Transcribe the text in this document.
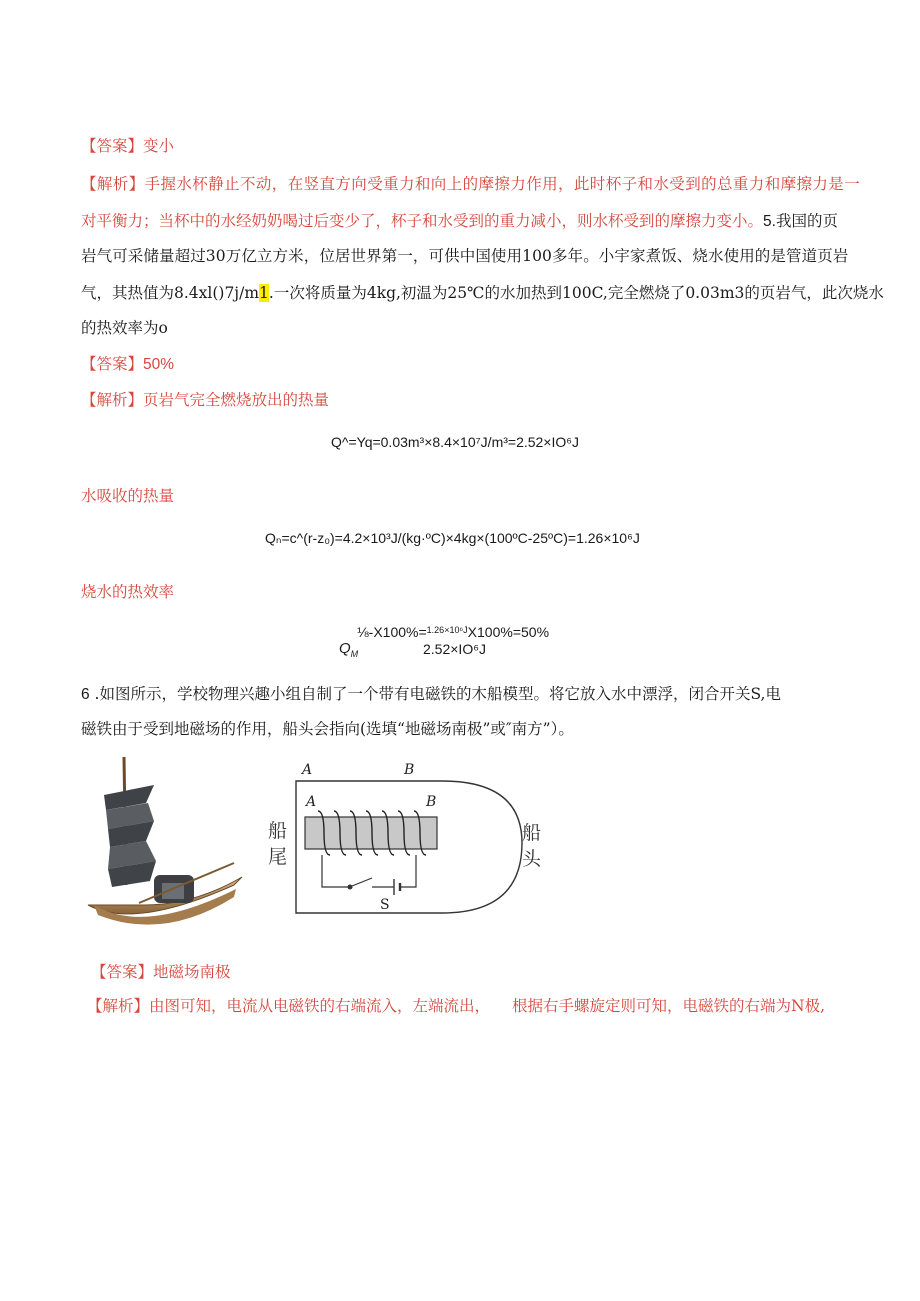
【答案】变小
【解析】手握水杯静止不动，在竖直方向受重力和向上的摩擦力作用，此时杯子和水受到的总重力和摩擦力是一
对平衡力；当杯中的水经奶奶喝过后变少了，杯子和水受到的重力减小，则水杯受到的摩擦力变小。5.我国的页
岩气可采储量超过30万亿立方米，位居世界第一，可供中国使用100多年。小宇家煮饭、烧水使用的是管道页岩
气，其热值为8.4xl()7j/m1.一次将质量为4kg,初温为25℃的水加热到100C,完全燃烧了0.03m3的页岩气，此次烧水
的热效率为o
【答案】50%
【解析】页岩气完全燃烧放出的热量
Q^=Yq=0.03m³×8.4×10⁷J/m³=2.52×IO⁶J
水吸收的热量
Qₙ=c^(r-z₀)=4.2×10³J/(kg·ºC)×4kg×(100ºC-25ºC)=1.26×10⁶J
烧水的热效率
⅛-X100%=$^{1.26\times 10^6J}$X100%=50%
$Q_M$	2.52×IO⁶J
6 .如图所示，学校物理兴趣小组自制了一个带有电磁铁的木船模型。将它放入水中漂浮，闭合开关S,电
磁铁由于受到地磁场的作用，船头会指向(选填“地磁场南极”或″南方”）。
A	B
A	B
S
船
尾
船
头
【答案】地磁场南极
【解析】由图可知，电流从电磁铁的右端流入，左端流出， 根据右手螺旋定则可知，电磁铁的右端为N极,
